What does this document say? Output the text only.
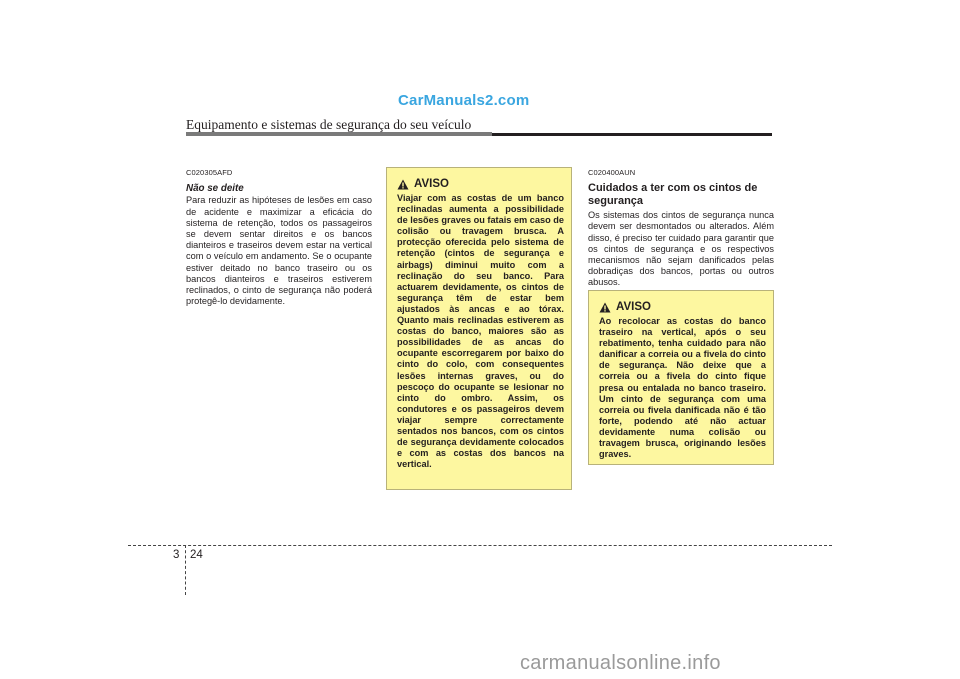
CarManuals2.com
Equipamento e sistemas de segurança do seu veículo
C020305AFD
Não se deite
Para reduzir as hipóteses de lesões em caso de acidente e maximizar a eficácia do sistema de retenção, todos os passageiros se devem sentar direitos e os bancos dianteiros e traseiros devem estar na vertical com o veículo em andamento. Se o ocupante estiver deitado no banco traseiro ou os bancos dianteiros e traseiros estiverem reclinados, o cinto de segurança não poderá protegê-lo devidamente.
AVISO
Viajar com as costas de um banco reclinadas aumenta a possibilidade de lesões graves ou fatais em caso de colisão ou travagem brusca. A protecção oferecida pelo sistema de retenção (cintos de segurança e airbags) diminui muito com a reclinação do seu banco. Para actuarem devidamente, os cintos de segurança têm de estar bem ajustados às ancas e ao tórax. Quanto mais reclinadas estiverem as costas do banco, maiores são as possibilidades de as ancas do ocupante escorregarem por baixo do cinto do colo, com consequentes lesões internas graves, ou do pescoço do ocupante se lesionar no cinto do ombro. Assim, os condutores e os passageiros devem viajar sempre correctamente sentados nos bancos, com os cintos de segurança devidamente colocados e com as costas dos bancos na vertical.
C020400AUN
Cuidados a ter com os cintos de segurança
Os sistemas dos cintos de segurança nunca devem ser desmontados ou alterados. Além disso, é preciso ter cuidado para garantir que os cintos de segurança e os respectivos mecanismos não sejam danificados pelas dobradiças dos bancos, portas ou outros abusos.
AVISO
Ao recolocar as costas do banco traseiro na vertical, após o seu rebatimento, tenha cuidado para não danificar a correia ou a fivela do cinto de segurança. Não deixe que a correia ou a fivela do cinto fique presa ou entalada no banco traseiro. Um cinto de segurança com uma correia ou fivela danificada não é tão forte, podendo até não actuar devidamente numa colisão ou travagem brusca, originando lesões graves.
3 24
carmanualsonline.info
